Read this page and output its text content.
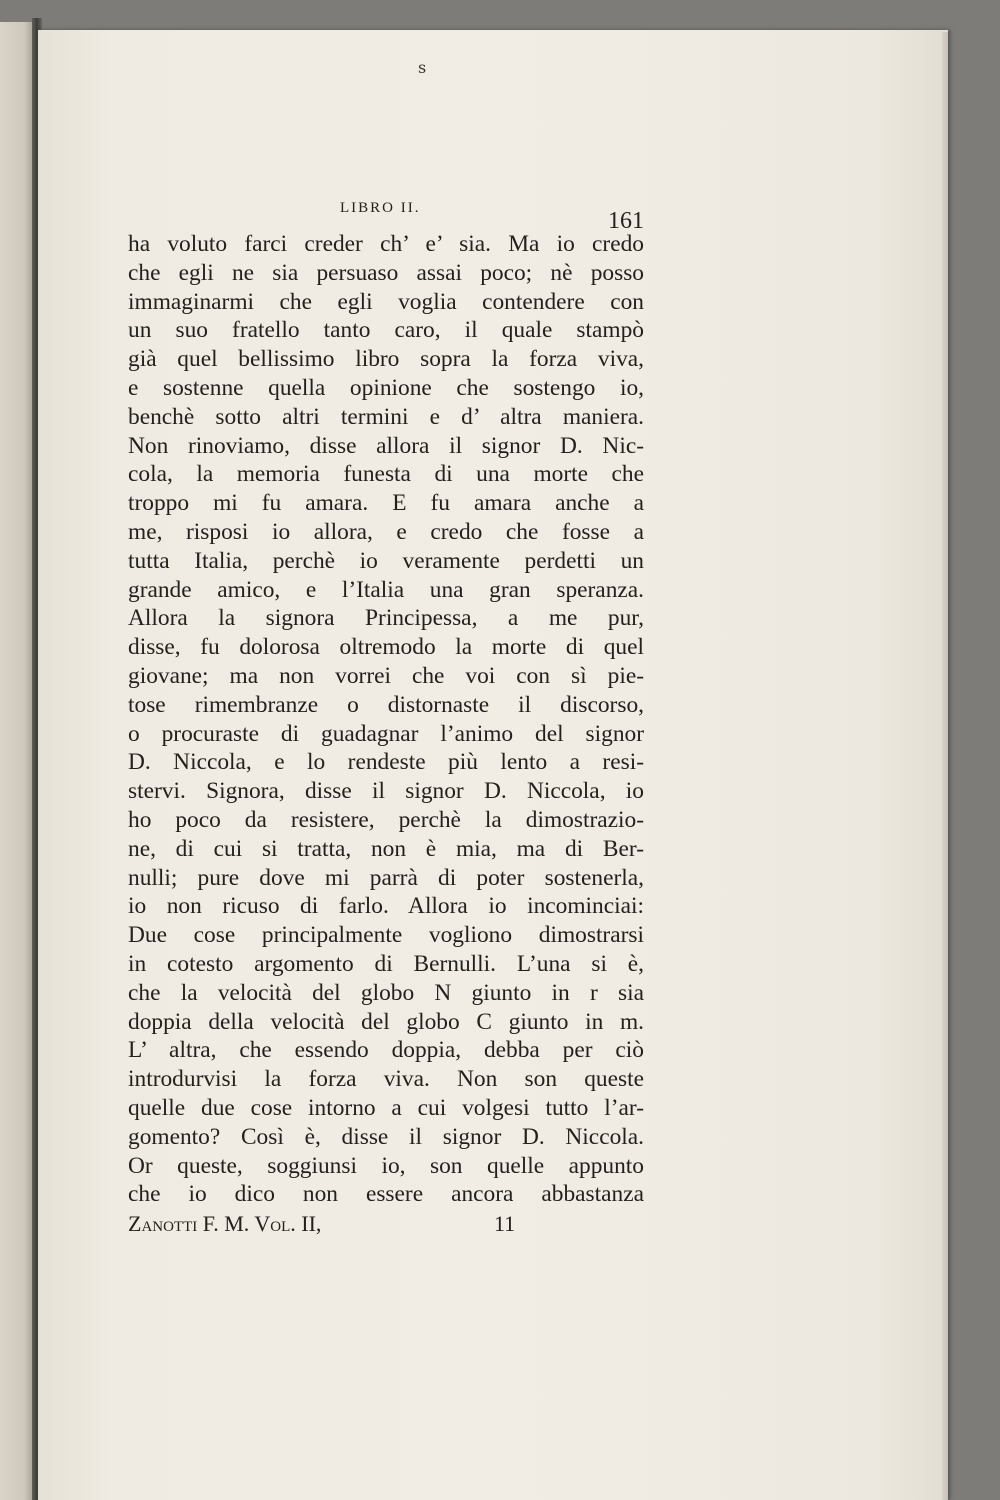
s
LIBRO II.	161
ha voluto farci creder ch’ e’ sia. Ma io credo
che egli ne sia persuaso assai poco; nè posso
immaginarmi che egli voglia contendere con
un suo fratello tanto caro, il quale stampò
già quel bellissimo libro sopra la forza viva,
e sostenne quella opinione che sostengo io,
benchè sotto altri termini e d’ altra maniera.
Non rinoviamo, disse allora il signor D. Nic-
cola, la memoria funesta di una morte che
troppo mi fu amara. E fu amara anche a
me, risposi io allora, e credo che fosse a
tutta Italia, perchè io veramente perdetti un
grande amico, e l’Italia una gran speranza.
Allora la signora Principessa, a me pur,
disse, fu dolorosa oltremodo la morte di quel
giovane; ma non vorrei che voi con sì pie-
tose rimembranze o distornaste il discorso,
o procuraste di guadagnar l’animo del signor
D. Niccola, e lo rendeste più lento a resi-
stervi. Signora, disse il signor D. Niccola, io
ho poco da resistere, perchè la dimostrazio-
ne, di cui si tratta, non è mia, ma di Ber-
nulli; pure dove mi parrà di poter sostenerla,
io non ricuso di farlo. Allora io incominciai:
Due cose principalmente vogliono dimostrarsi
in cotesto argomento di Bernulli. L’una si è,
che la velocità del globo N giunto in r sia
doppia della velocità del globo C giunto in m.
L’ altra, che essendo doppia, debba per ciò
introdurvisi la forza viva. Non son queste
quelle due cose intorno a cui volgesi tutto l’ar-
gomento? Così è, disse il signor D. Niccola.
Or queste, soggiunsi io, son quelle appunto
che io dico non essere ancora abbastanza
Zanotti F. M. Vol. II,	11
